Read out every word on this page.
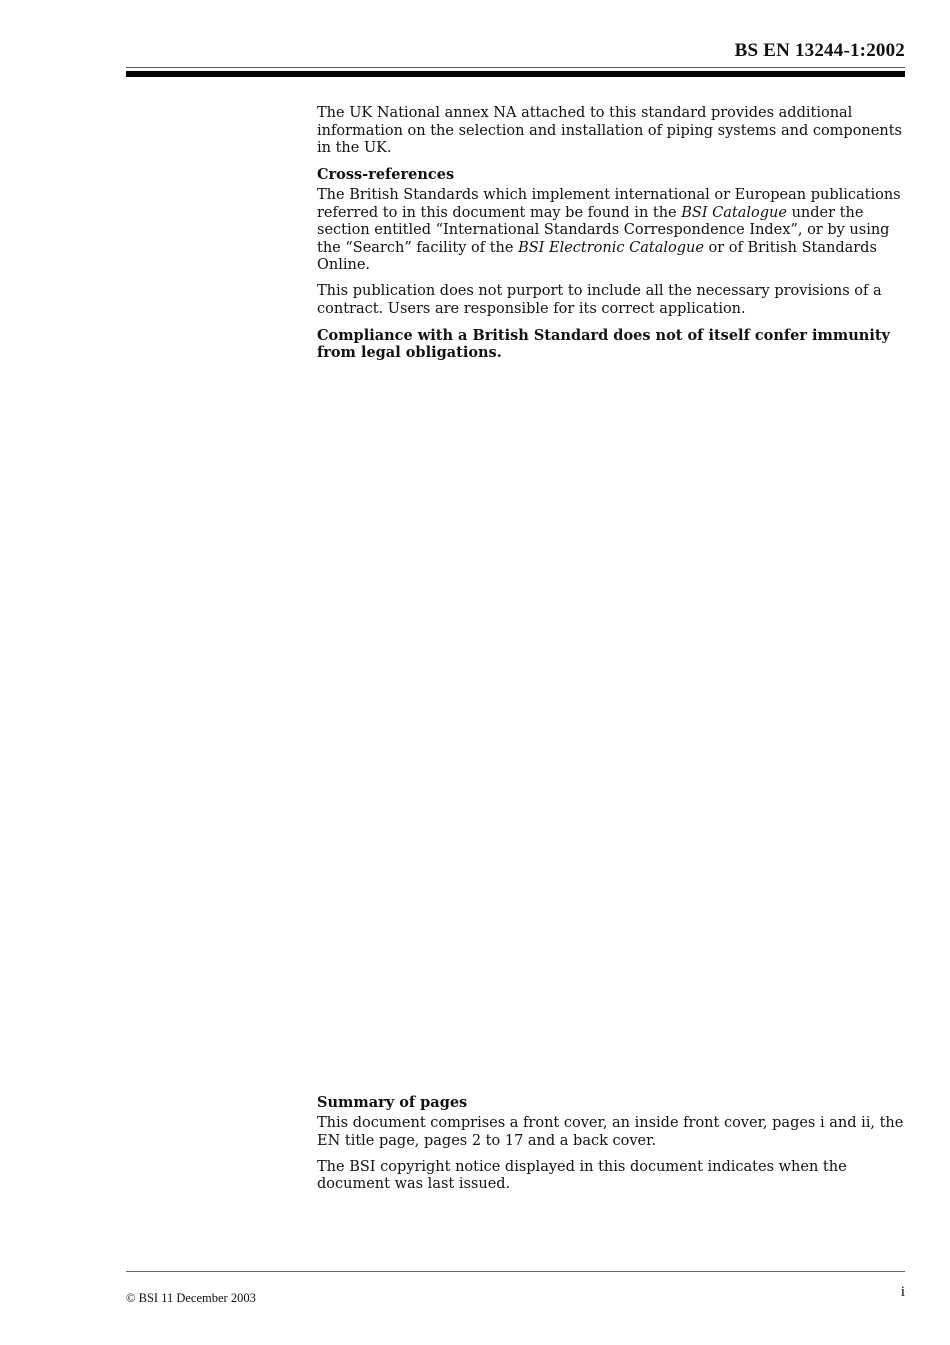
BS EN 13244-1:2002

The UK National annex NA attached to this standard provides additional information on the selection and installation of piping systems and components in the UK.

Cross-references

The British Standards which implement international or European publications referred to in this document may be found in the BSI Catalogue under the section entitled “International Standards Correspondence Index”, or by using the “Search” facility of the BSI Electronic Catalogue or of British Standards Online.

This publication does not purport to include all the necessary provisions of a contract. Users are responsible for its correct application.

Compliance with a British Standard does not of itself confer immunity from legal obligations.

Summary of pages

This document comprises a front cover, an inside front cover, pages i and ii, the EN title page, pages 2 to 17 and a back cover.

The BSI copyright notice displayed in this document indicates when the document was last issued.

© BSI 11 December 2003	i
